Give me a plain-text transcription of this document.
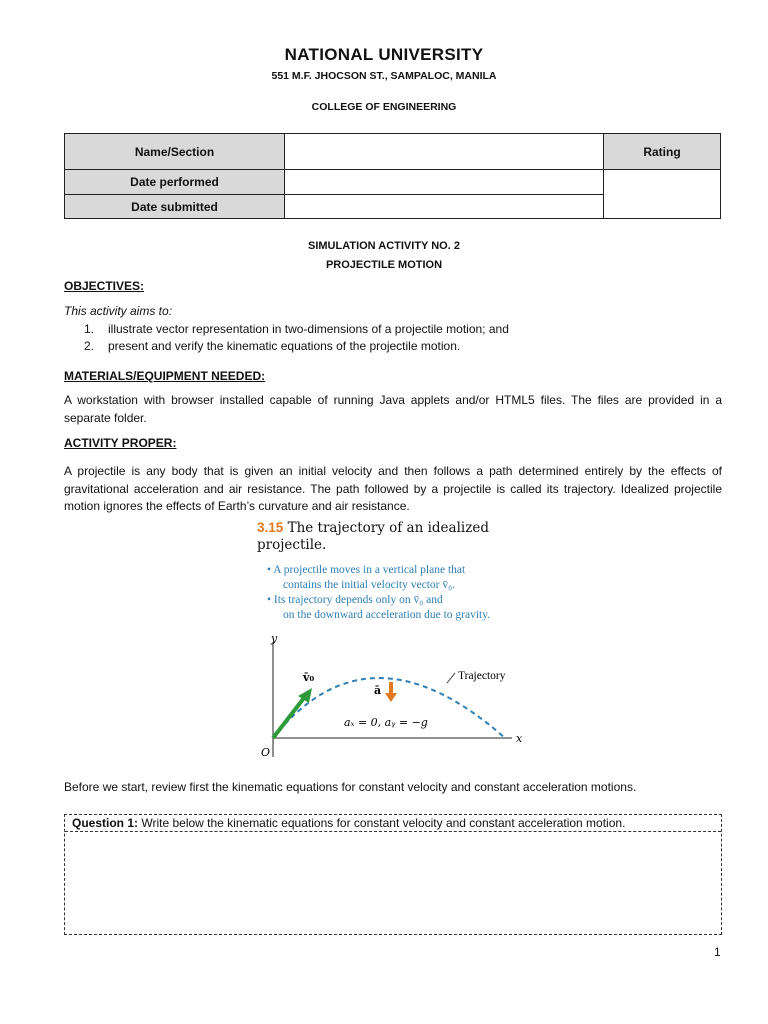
NATIONAL UNIVERSITY
551 M.F. JHOCSON ST., SAMPALOC, MANILA
COLLEGE OF ENGINEERING
Name/Section		Rating
Date performed		
Date submitted		
SIMULATION ACTIVITY NO. 2
PROJECTILE MOTION
OBJECTIVES:
This activity aims to:
1. illustrate vector representation in two-dimensions of a projectile motion; and
2. present and verify the kinematic equations of the projectile motion.
MATERIALS/EQUIPMENT NEEDED:
A workstation with browser installed capable of running Java applets and/or HTML5 files. The files are provided in a separate folder.
ACTIVITY PROPER:
A projectile is any body that is given an initial velocity and then follows a path determined entirely by the effects of gravitational acceleration and air resistance. The path followed by a projectile is called its trajectory. Idealized projectile motion ignores the effects of Earth’s curvature and air resistance.
3.15 The trajectory of an idealized
projectile.
• A projectile moves in a vertical plane that
contains the initial velocity vector v̄₀.
• Its trajectory depends only on v̄₀ and
on the downward acceleration due to gravity.
y
x
O
v̄₀
ā
aₓ = 0, aᵧ = −g
Trajectory
Before we start, review first the kinematic equations for constant velocity and constant acceleration motions.
Question 1: Write below the kinematic equations for constant velocity and constant acceleration motion.
1
